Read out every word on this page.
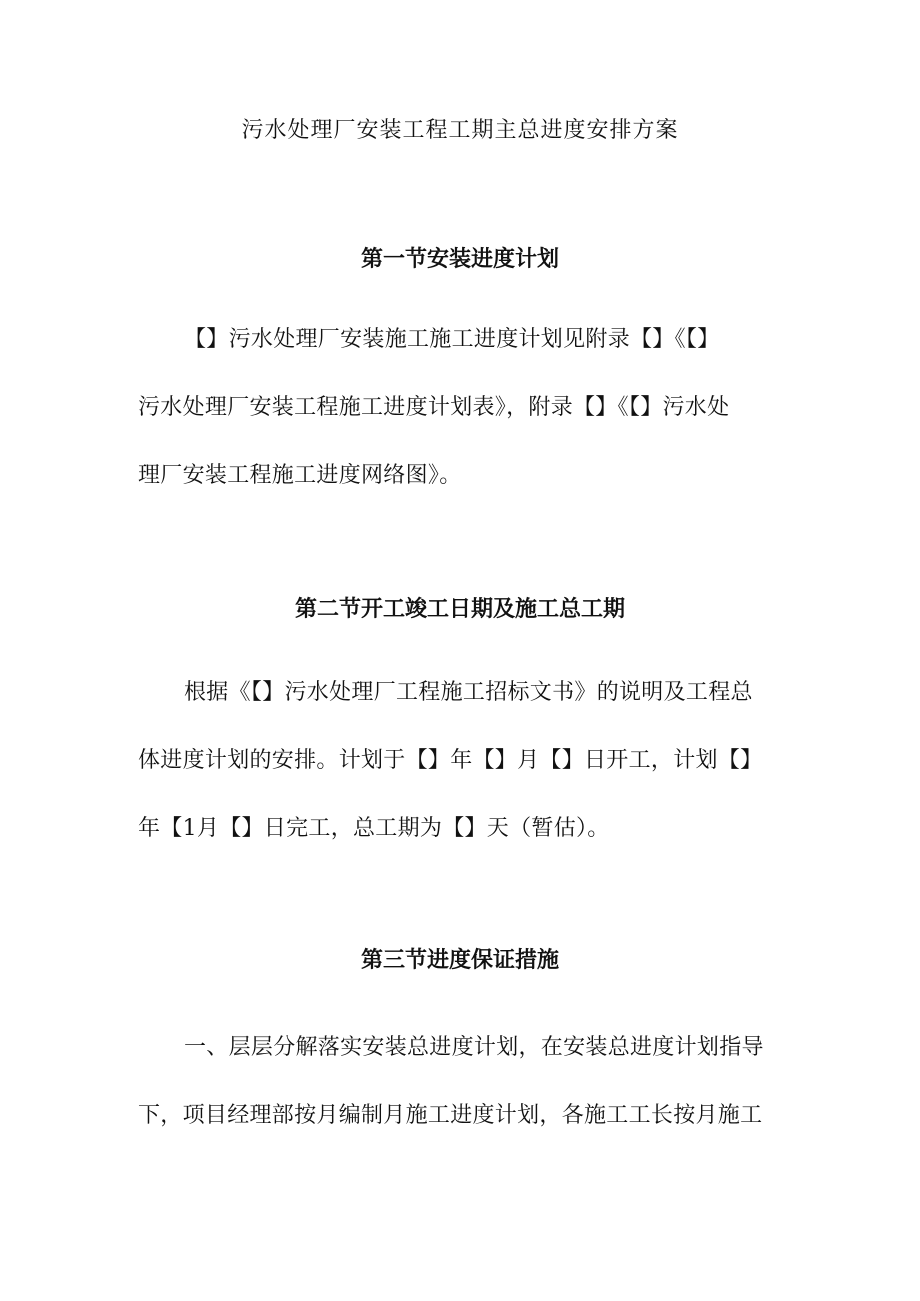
污水处理厂安装工程工期主总进度安排方案
第一节安装进度计划
【】污水处理厂安装施工施工进度计划见附录【】《【】
污水处理厂安装工程施工进度计划表》，附录【】《【】污水处
理厂安装工程施工进度网络图》。
第二节开工竣工日期及施工总工期
根据《【】污水处理厂工程施工招标文书》的说明及工程总
体进度计划的安排。计划于【】年【】月【】日开工，计划【】
年【1月【】日完工，总工期为【】天（暂估）。
第三节进度保证措施
一、层层分解落实安装总进度计划，在安装总进度计划指导
下，项目经理部按月编制月施工进度计划，各施工工长按月施工
